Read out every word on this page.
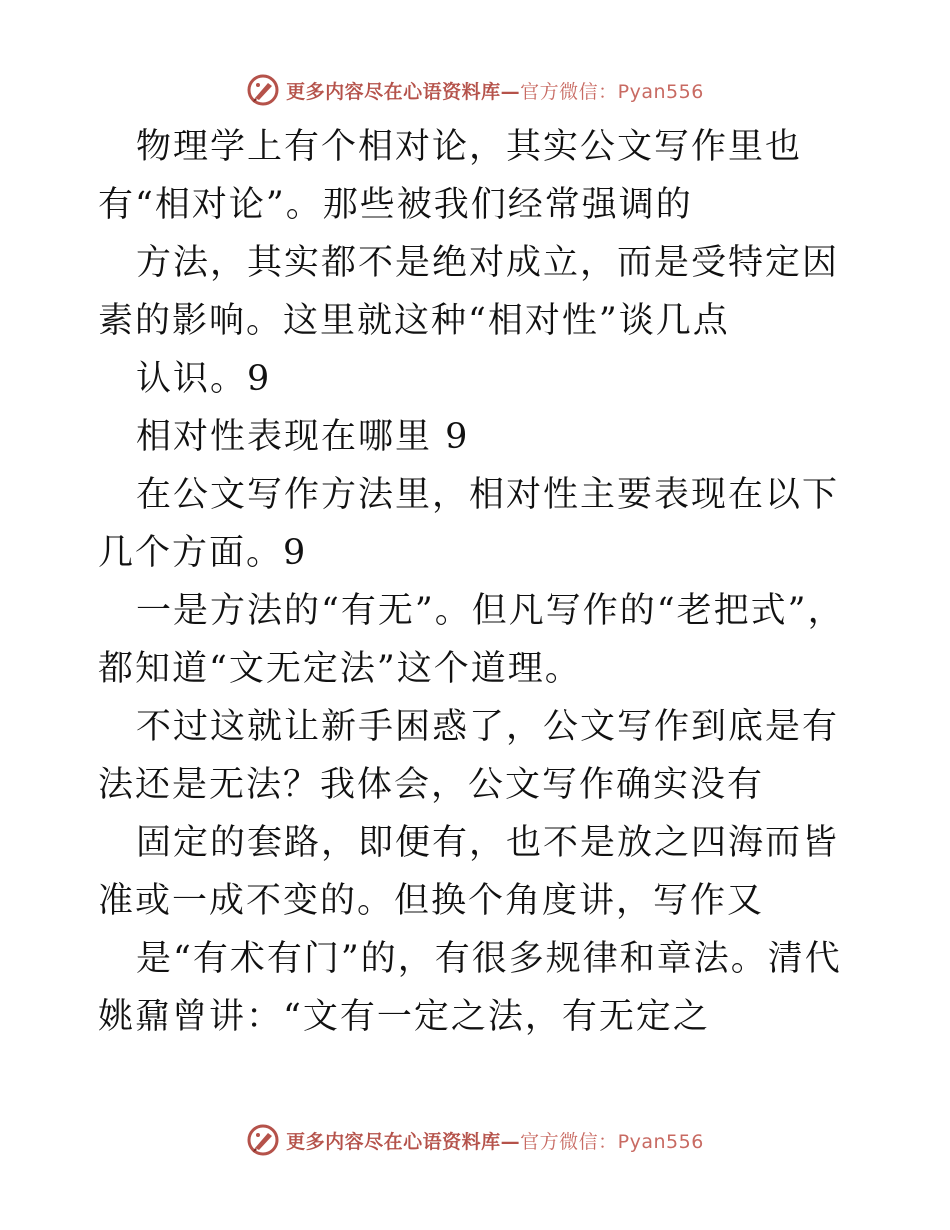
更多内容尽在心语资料库—官方微信：Pyan556

物理学上有个相对论，其实公文写作里也有“相对论”。那些被我们经常强调的

方法，其实都不是绝对成立，而是受特定因素的影响。这里就这种“相对性”谈几点

认识。9

相对性表现在哪里 9

在公文写作方法里，相对性主要表现在以下几个方面。9

一是方法的“有无”。但凡写作的“老把式”，都知道“文无定法”这个道理。

不过这就让新手困惑了，公文写作到底是有法还是无法？我体会，公文写作确实没有

固定的套路，即便有，也不是放之四海而皆准或一成不变的。但换个角度讲，写作又

是“有术有门”的，有很多规律和章法。清代姚鼐曾讲：“文有一定之法，有无定之

更多内容尽在心语资料库—官方微信：Pyan556
